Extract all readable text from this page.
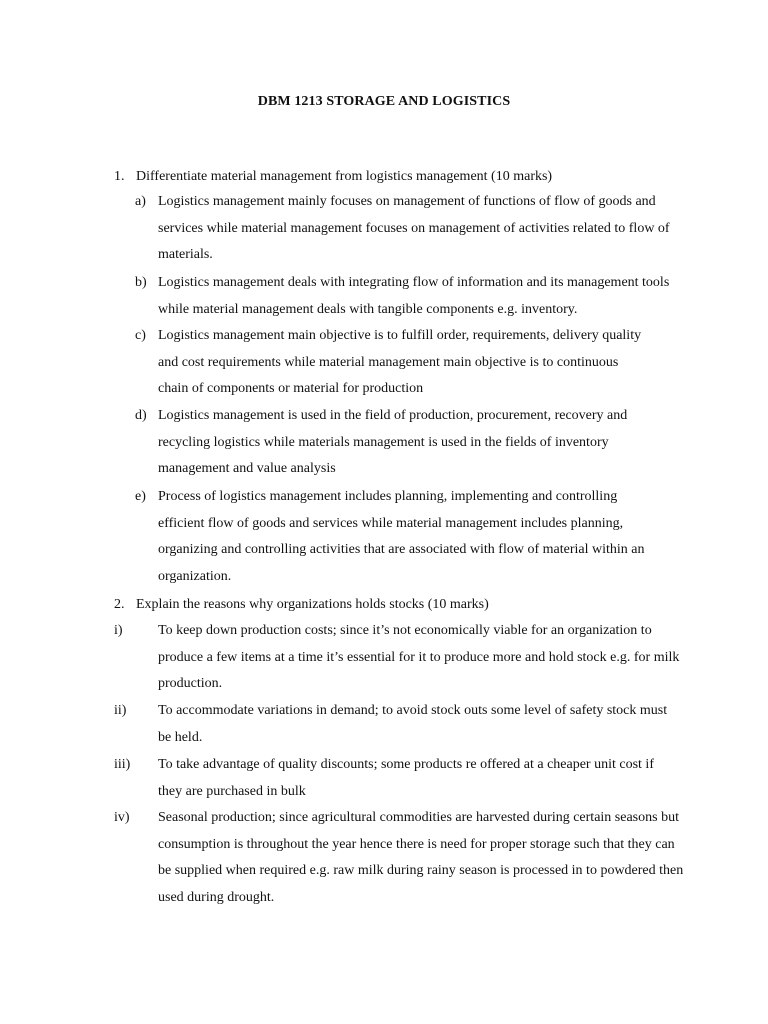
DBM 1213 STORAGE AND LOGISTICS
1. Differentiate material management from logistics management (10 marks)
a) Logistics management mainly focuses on management of functions of flow of goods and services while material management focuses on management of activities related to flow of materials.
b) Logistics management deals with integrating flow of information and its management tools while material management deals with tangible components e.g. inventory.
c) Logistics management main objective is to fulfill order, requirements, delivery quality and cost requirements while material management main objective is to continuous chain of components or material for production
d) Logistics management is used in the field of production, procurement, recovery and recycling logistics while materials management is used in the fields of inventory management and value analysis
e) Process of logistics management includes planning, implementing and controlling efficient flow of goods and services while material management includes planning, organizing and controlling activities that are associated with flow of material within an organization.
2. Explain the reasons why organizations holds stocks (10 marks)
i)	To keep down production costs; since it’s not economically viable for an organization to produce a few items at a time it’s essential for it to produce more and hold stock e.g. for milk production.
ii) To accommodate variations in demand; to avoid stock outs some level of safety stock must be held.
iii) To take advantage of quality discounts; some products re offered at a cheaper unit cost if they are purchased in bulk
iv) Seasonal production; since agricultural commodities are harvested during certain seasons but consumption is throughout the year hence there is need for proper storage such that they can be supplied when required e.g. raw milk during rainy season is processed in to powdered then used during drought.
